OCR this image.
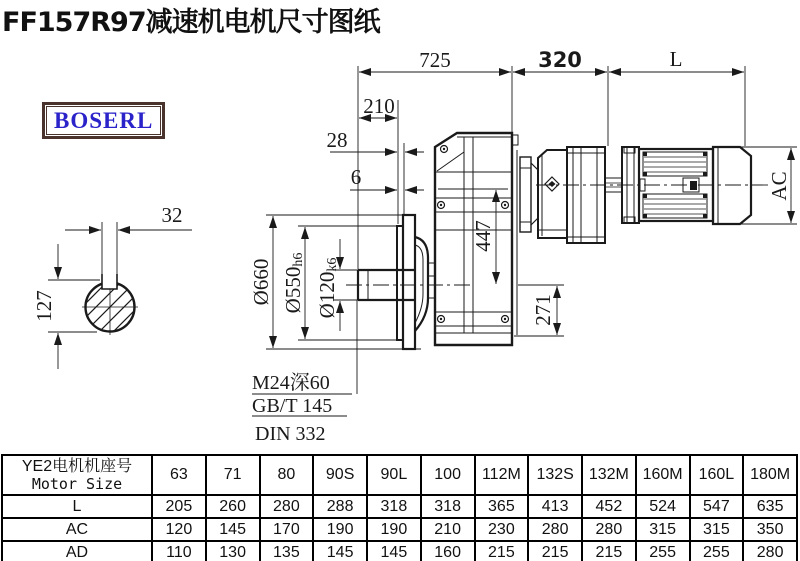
FF157R97减速机电机尺寸图纸
BOSERL
32
127
725	320	L
210
28
6
Ø660 Ø550h6
Ø120k6
447
271
AC
M24深60
GB/T 145
DIN 332
YE2电机机座号
Motor Size	63	71	80	90S	90L	100	112M	132S	132M	160M	160L	180M
L	205	260	280	288	318	318	365	413	452	524	547	635
AC	120	145	170	190	190	210	230	280	280	315	315	350
AD	110	130	135	145	145	160	215	215	215	255	255	280
